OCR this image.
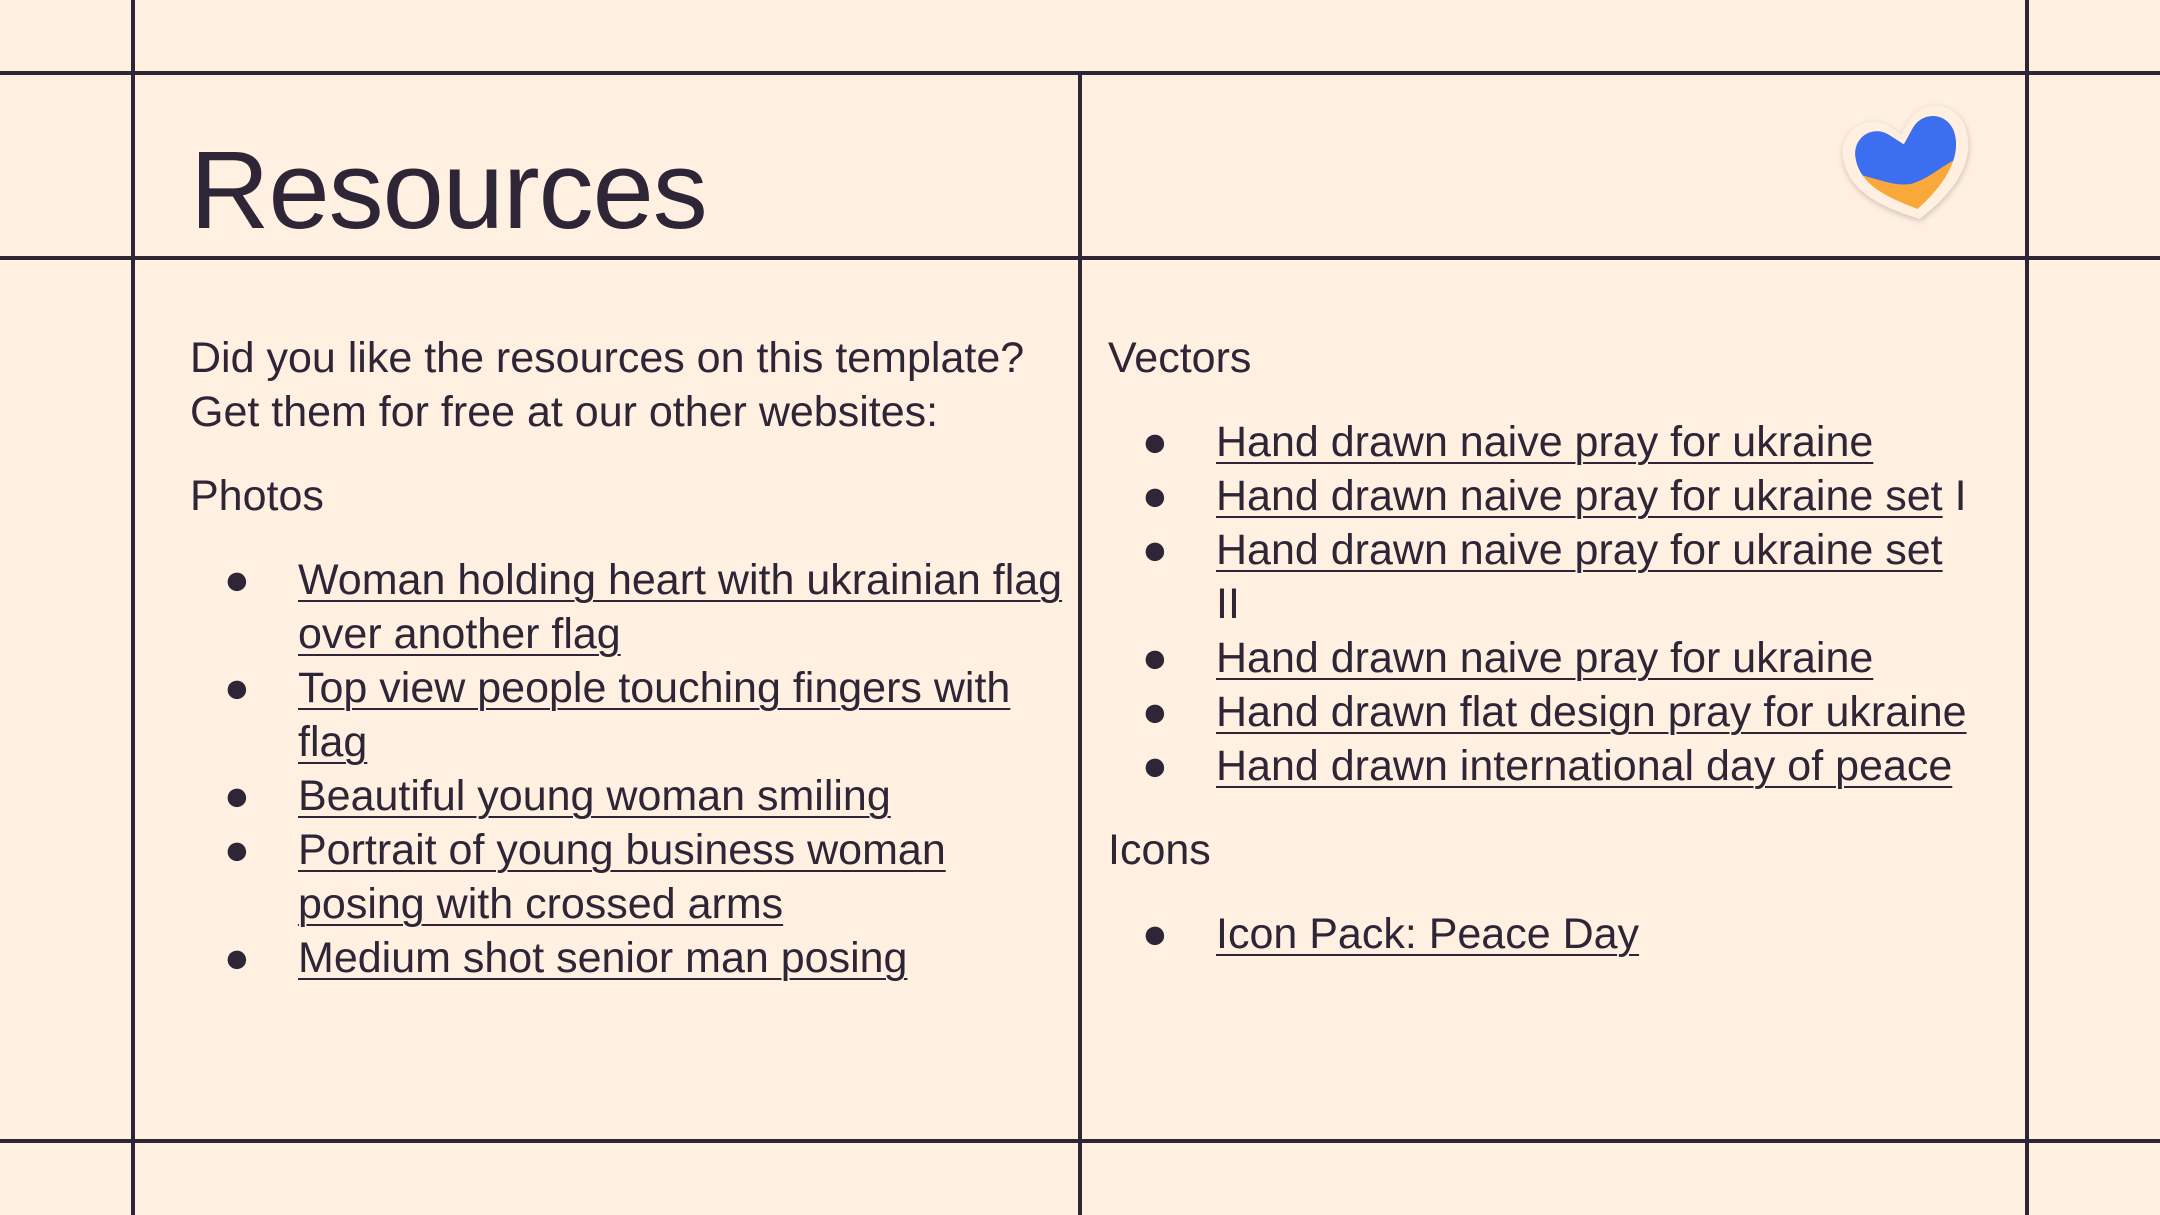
Resources

Did you like the resources on this template? Get them for free at our other websites:

Photos

● Woman holding heart with ukrainian flag over another flag
● Top view people touching fingers with flag
● Beautiful young woman smiling
● Portrait of young business woman posing with crossed arms
● Medium shot senior man posing

Vectors

● Hand drawn naive pray for ukraine
● Hand drawn naive pray for ukraine set I
● Hand drawn naive pray for ukraine set II
● Hand drawn naive pray for ukraine
● Hand drawn flat design pray for ukraine
● Hand drawn international day of peace

Icons

● Icon Pack: Peace Day
